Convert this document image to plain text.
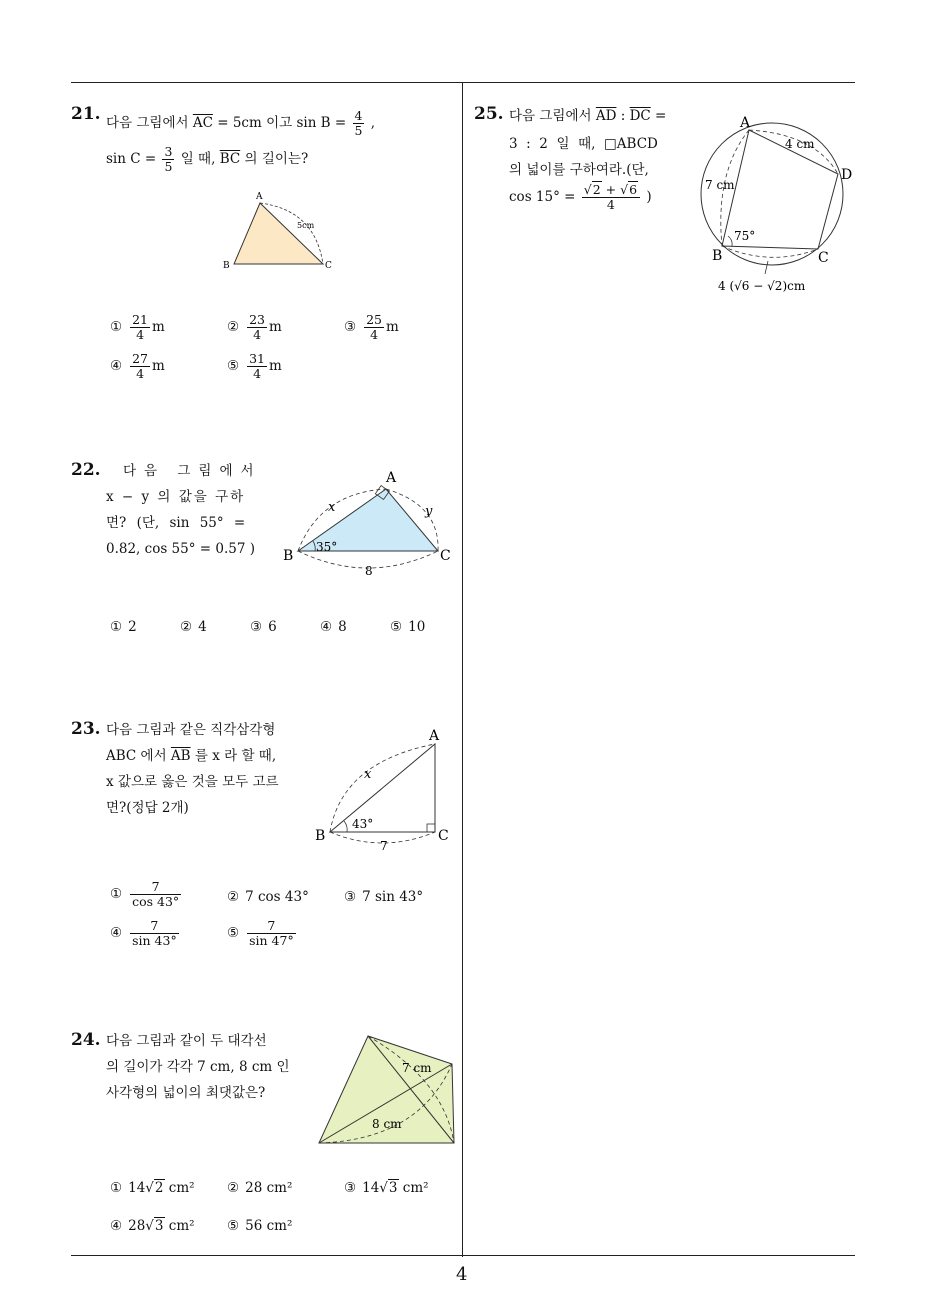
4
21. 다음 그림에서 $\overline{AC} = 5cm$ 이고 $\sin B = \frac{4}{5}$ ,
$\sin C = \frac{3}{5}$ 일 때, $\overline{BC}$ 의 길이는?
A
B	C
5cm
① $\frac{21}{4}$ m	② $\frac{23}{4}$ m	③ $\frac{25}{4}$ m
④ $\frac{27}{4}$ m	⑤ $\frac{31}{4}$ m
22. 다음 그림에서
x − y 의 값을 구하
면? (단, sin 55° =
0.82, cos 55° = 0.57 )
A
B	C
x	y
35°
8
① 2	② 4	③ 6	④ 8	⑤ 10
23. 다음 그림과 같은 직각삼각형
ABC 에서 $\overline{AB}$ 를 x 라 할 때,
x 값으로 옳은 것을 모두 고르
면?(정답 2개)
A
B	C
x
43°
7
① $\frac{7}{\cos 43^\circ}$	② 7 cos 43°	③ 7 sin 43°
④ $\frac{7}{\sin 43^\circ}$	⑤ $\frac{7}{\sin 47^\circ}$
24. 다음 그림과 같이 두 대각선
의 길이가 각각 7 cm, 8 cm 인
사각형의 넓이의 최댓값은?
7 cm
8 cm
① 14√2 cm² ② 28 cm²	③ 14√3 cm²
④ 28√3 cm² ⑤ 56 cm²
25. 다음 그림에서 $\overline{AD}$ : $\overline{DC}$ =
3  :  2  일  때,  □ABCD
의 넓이를 구하여라.(단,
$\cos 15^\circ = \frac{√2 + √6}{4}$ )
A
B	C
D
4 cm
7 cm
75°
4 (√6 − √2)cm
